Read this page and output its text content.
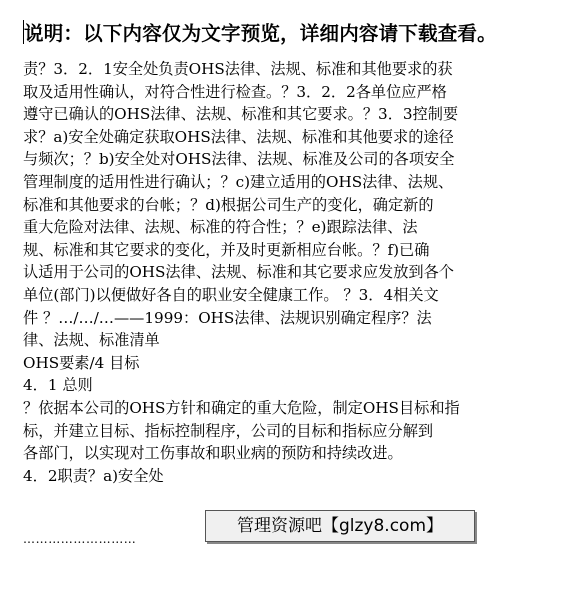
说明：以下内容仅为文字预览，详细内容请下载查看。
责？3．2．1安全处负责OHS法律、法规、标准和其他要求的获
取及适用性确认，对符合性进行检查。？3．2．2各单位应严格
遵守已确认的OHS法律、法规、标准和其它要求。？3．3控制要
求？a)安全处确定获取OHS法律、法规、标准和其他要求的途径
与频次；？b)安全处对OHS法律、法规、标准及公司的各项安全
管理制度的适用性进行确认；？c)建立适用的OHS法律、法规、
标准和其他要求的台帐；？d)根据公司生产的变化，确定新的
重大危险对法律、法规、标准的符合性；？e)跟踪法律、法
规、标准和其它要求的变化，并及时更新相应台帐。？f)已确
认适用于公司的OHS法律、法规、标准和其它要求应发放到各个
单位(部门)以便做好各自的职业安全健康工作。 ？3．4相关文
件 ？…/…/…——1999：OHS法律、法规识别确定程序？法
律、法规、标准清单
OHS要素/4 目标
4．1 总则
？依据本公司的OHS方针和确定的重大危险，制定OHS目标和指
标，并建立目标、指标控制程序，公司的目标和指标应分解到
各部门，以实现对工伤事故和职业病的预防和持续改进。
4．2职责？a)安全处
………………………
管理资源吧【glzy8.com】
